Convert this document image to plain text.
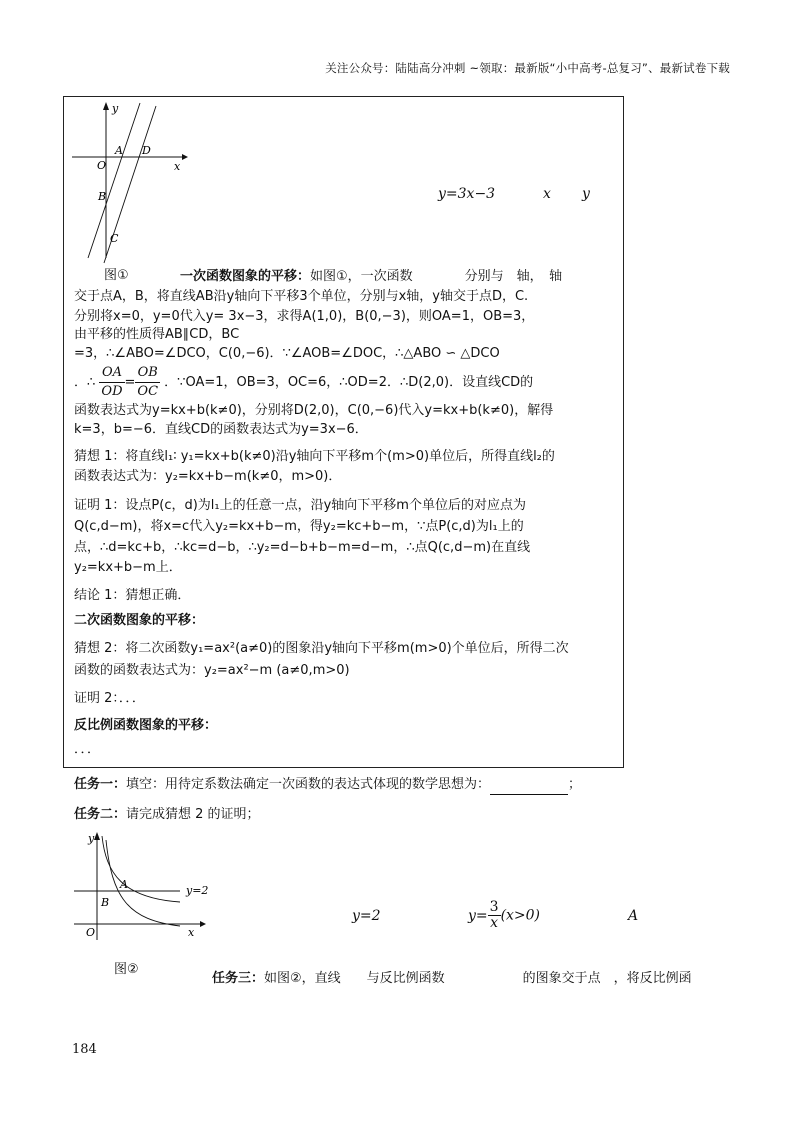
关注公众号：陆陆高分冲刺 ~领取：最新版“小中高考-总复习”、最新试卷下载
y
x
O
A D
B
C
图①
y=3x−3	x y
一次函数图象的平移：如图①，一次函数　　　　分别与　轴，　轴
交于点A，B，将直线AB沿y轴向下平移3个单位，分别与x轴，y轴交于点D，C.
分别将x=0，y=0代入y= 3x−3，求得A(1,0)，B(0,−3)，则OA=1，OB=3，
由平移的性质得AB∥CD，BC
=3，∴∠ABO=∠DCO，C(0,−6)．∵∠AOB=∠DOC，∴△ABO ∽ △DCO
．∴ $\frac{OA}{OD} = \frac{OB}{OC}$ ．∵OA=1，OB=3，OC=6，∴OD=2．∴D(2,0)．设直线CD的
函数表达式为y=kx+b(k≠0)，分别将D(2,0)，C(0,−6)代入y=kx+b(k≠0)，解得
k=3，b=−6．直线CD的函数表达式为y=3x−6．
猜想 1：将直线l₁∶ y₁=kx+b(k≠0)沿y轴向下平移m个(m>0)单位后，所得直线l₂的
函数表达式为：y₂=kx+b−m(k≠0，m>0)．
证明 1：设点P(c，d)为l₁上的任意一点，沿y轴向下平移m个单位后的对应点为
Q(c,d−m)，将x=c代入y₂=kx+b−m，得y₂=kc+b−m，∵点P(c,d)为l₁上的
点，∴d=kc+b，∴kc=d−b，∴y₂=d−b+b−m=d−m，∴点Q(c,d−m)在直线
y₂=kx+b−m上．
结论 1：猜想正确．
二次函数图象的平移：
猜想 2：将二次函数y₁=ax²(a≠0)的图象沿y轴向下平移m(m>0)个单位后，所得二次
函数的函数表达式为：y₂=ax²−m (a≠0,m>0)
证明 2：．．．
反比例函数图象的平移：
．．．
任务一：填空：用待定系数法确定一次函数的表达式体现的数学思想为：　　　　　　	；
任务二：请完成猜想 2 的证明；
y
x
O
A
B
y=2
图②
y=2	$y= \frac{3}{x} (x>0)$	A
任务三：如图②，直线　　与反比例函数　　　　　　的图象交于点　，将反比例函
184
